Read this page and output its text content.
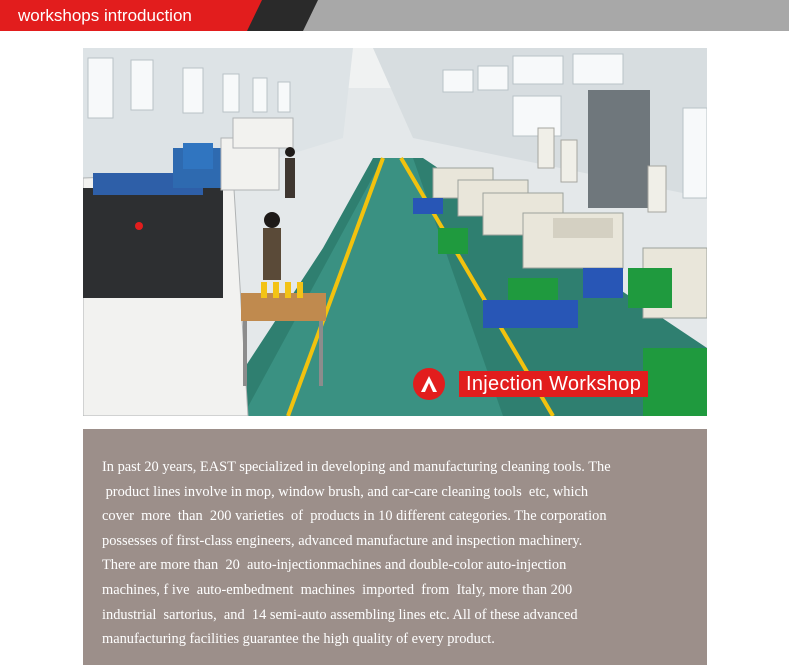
workshops introduction
Injection Workshop
In past 20 years, EAST specialized in developing and manufacturing cleaning tools. The
product lines involve in mop, window brush, and car-care cleaning tools  etc, which
cover  more  than  200 varieties  of  products in 10 different categories. The corporation
possesses of first-class engineers, advanced manufacture and inspection machinery.
There are more than  20  auto-injectionmachines and double-color auto-injection
machines, f ive  auto-embedment  machines  imported  from  Italy, more than 200
industrial  sartorius,  and  14 semi-auto assembling lines etc. All of these advanced
manufacturing facilities guarantee the high quality of every product.
